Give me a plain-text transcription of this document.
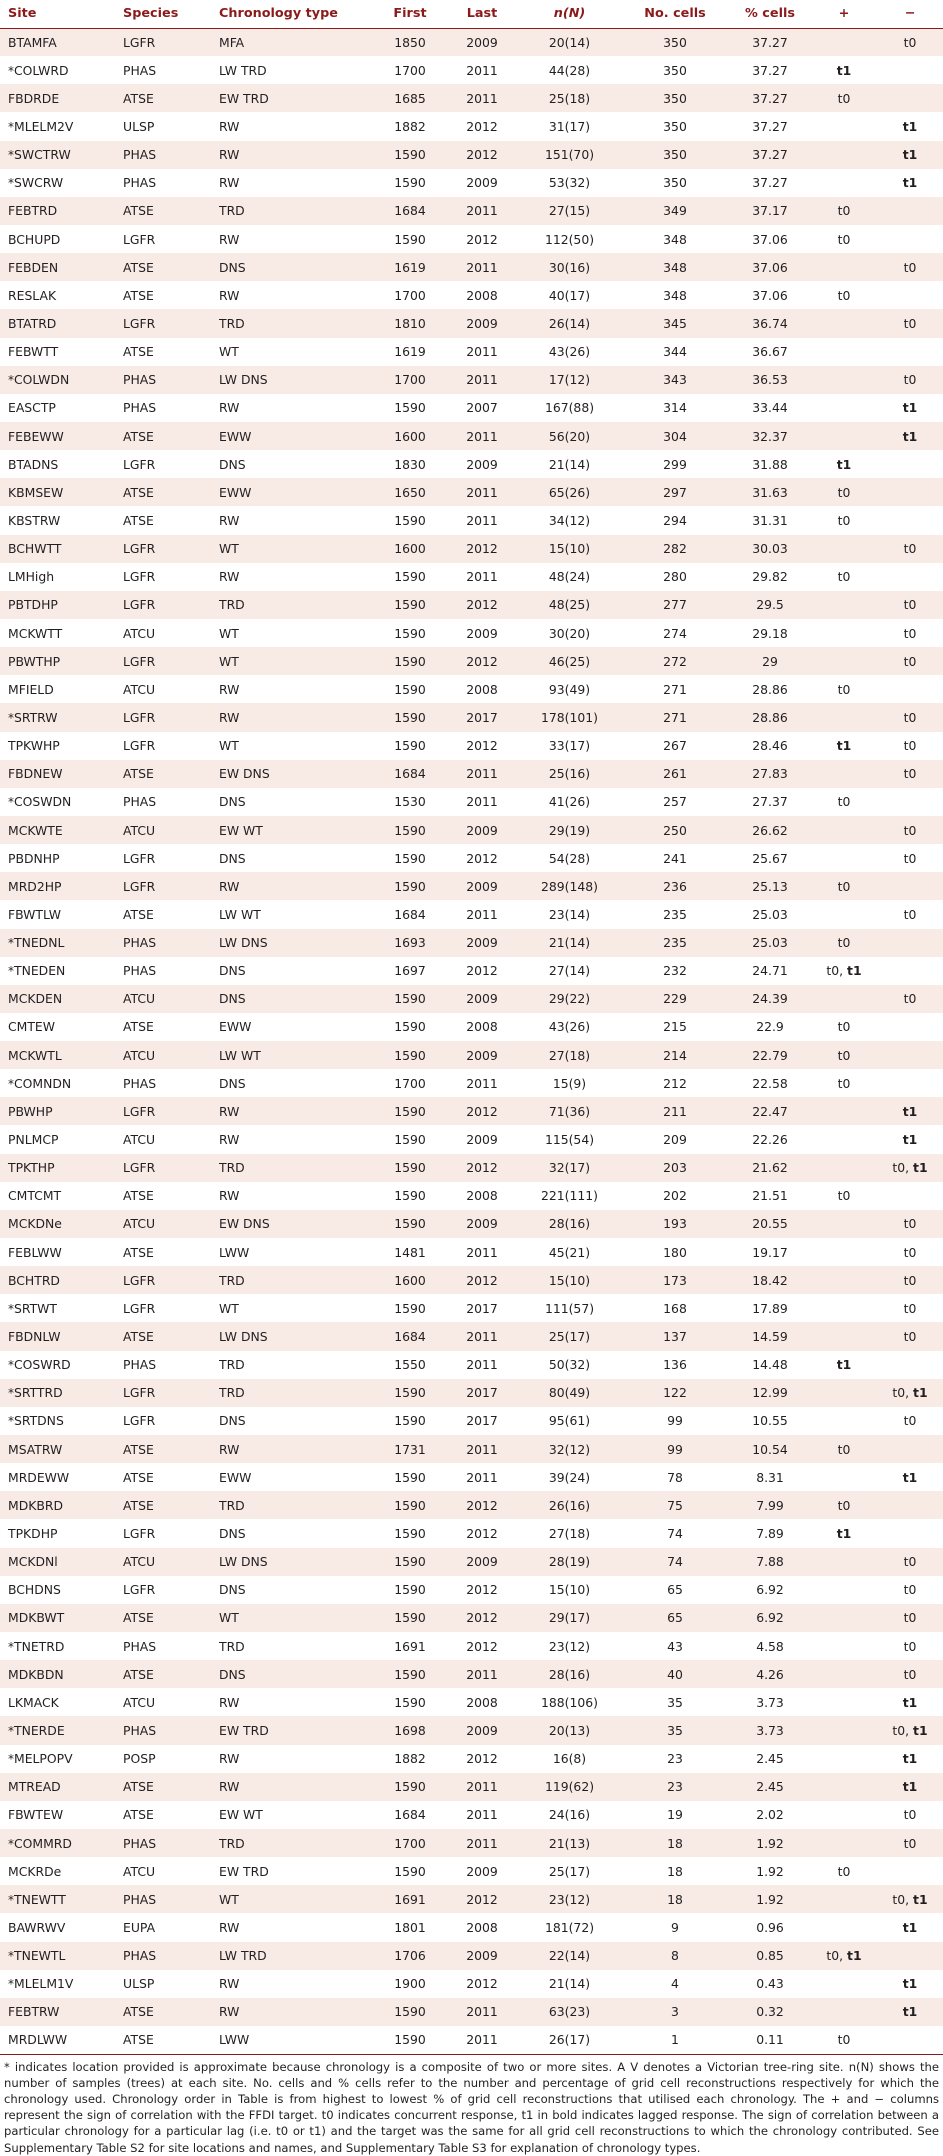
Site	Species	Chronology type	First	Last	n(N)	No. cells	% cells	+	−
BTAMFA	LGFR	MFA	1850	2009	20(14)	350	37.27		t0
*COLWRD	PHAS	LW TRD	1700	2011	44(28)	350	37.27	t1	
FBDRDE	ATSE	EW TRD	1685	2011	25(18)	350	37.27	t0	
*MLELM2V	ULSP	RW	1882	2012	31(17)	350	37.27		t1
*SWCTRW	PHAS	RW	1590	2012	151(70)	350	37.27		t1
*SWCRW	PHAS	RW	1590	2009	53(32)	350	37.27		t1
FEBTRD	ATSE	TRD	1684	2011	27(15)	349	37.17	t0	
BCHUPD	LGFR	RW	1590	2012	112(50)	348	37.06	t0	
FEBDEN	ATSE	DNS	1619	2011	30(16)	348	37.06		t0
RESLAK	ATSE	RW	1700	2008	40(17)	348	37.06	t0	
BTATRD	LGFR	TRD	1810	2009	26(14)	345	36.74		t0
FEBWTT	ATSE	WT	1619	2011	43(26)	344	36.67		
*COLWDN	PHAS	LW DNS	1700	2011	17(12)	343	36.53		t0
EASCTP	PHAS	RW	1590	2007	167(88)	314	33.44		t1
FEBEWW	ATSE	EWW	1600	2011	56(20)	304	32.37		t1
BTADNS	LGFR	DNS	1830	2009	21(14)	299	31.88	t1	
KBMSEW	ATSE	EWW	1650	2011	65(26)	297	31.63	t0	
KBSTRW	ATSE	RW	1590	2011	34(12)	294	31.31	t0	
BCHWTT	LGFR	WT	1600	2012	15(10)	282	30.03		t0
LMHigh	LGFR	RW	1590	2011	48(24)	280	29.82	t0	
PBTDHP	LGFR	TRD	1590	2012	48(25)	277	29.5		t0
MCKWTT	ATCU	WT	1590	2009	30(20)	274	29.18		t0
PBWTHP	LGFR	WT	1590	2012	46(25)	272	29		t0
MFIELD	ATCU	RW	1590	2008	93(49)	271	28.86	t0	
*SRTRW	LGFR	RW	1590	2017	178(101)	271	28.86		t0
TPKWHP	LGFR	WT	1590	2012	33(17)	267	28.46	t1	t0
FBDNEW	ATSE	EW DNS	1684	2011	25(16)	261	27.83		t0
*COSWDN	PHAS	DNS	1530	2011	41(26)	257	27.37	t0	
MCKWTE	ATCU	EW WT	1590	2009	29(19)	250	26.62		t0
PBDNHP	LGFR	DNS	1590	2012	54(28)	241	25.67		t0
MRD2HP	LGFR	RW	1590	2009	289(148)	236	25.13	t0	
FBWTLW	ATSE	LW WT	1684	2011	23(14)	235	25.03		t0
*TNEDNL	PHAS	LW DNS	1693	2009	21(14)	235	25.03	t0	
*TNEDEN	PHAS	DNS	1697	2012	27(14)	232	24.71	t0, t1	
MCKDEN	ATCU	DNS	1590	2009	29(22)	229	24.39		t0
CMTEW	ATSE	EWW	1590	2008	43(26)	215	22.9	t0	
MCKWTL	ATCU	LW WT	1590	2009	27(18)	214	22.79	t0	
*COMNDN	PHAS	DNS	1700	2011	15(9)	212	22.58	t0	
PBWHP	LGFR	RW	1590	2012	71(36)	211	22.47		t1
PNLMCP	ATCU	RW	1590	2009	115(54)	209	22.26		t1
TPKTHP	LGFR	TRD	1590	2012	32(17)	203	21.62		t0, t1
CMTCMT	ATSE	RW	1590	2008	221(111)	202	21.51	t0	
MCKDNe	ATCU	EW DNS	1590	2009	28(16)	193	20.55		t0
FEBLWW	ATSE	LWW	1481	2011	45(21)	180	19.17		t0
BCHTRD	LGFR	TRD	1600	2012	15(10)	173	18.42		t0
*SRTWT	LGFR	WT	1590	2017	111(57)	168	17.89		t0
FBDNLW	ATSE	LW DNS	1684	2011	25(17)	137	14.59		t0
*COSWRD	PHAS	TRD	1550	2011	50(32)	136	14.48	t1	
*SRTTRD	LGFR	TRD	1590	2017	80(49)	122	12.99		t0, t1
*SRTDNS	LGFR	DNS	1590	2017	95(61)	99	10.55		t0
MSATRW	ATSE	RW	1731	2011	32(12)	99	10.54	t0	
MRDEWW	ATSE	EWW	1590	2011	39(24)	78	8.31		t1
MDKBRD	ATSE	TRD	1590	2012	26(16)	75	7.99	t0	
TPKDHP	LGFR	DNS	1590	2012	27(18)	74	7.89	t1	
MCKDNl	ATCU	LW DNS	1590	2009	28(19)	74	7.88		t0
BCHDNS	LGFR	DNS	1590	2012	15(10)	65	6.92		t0
MDKBWT	ATSE	WT	1590	2012	29(17)	65	6.92		t0
*TNETRD	PHAS	TRD	1691	2012	23(12)	43	4.58		t0
MDKBDN	ATSE	DNS	1590	2011	28(16)	40	4.26		t0
LKMACK	ATCU	RW	1590	2008	188(106)	35	3.73		t1
*TNERDE	PHAS	EW TRD	1698	2009	20(13)	35	3.73		t0, t1
*MELPOPV	POSP	RW	1882	2012	16(8)	23	2.45		t1
MTREAD	ATSE	RW	1590	2011	119(62)	23	2.45		t1
FBWTEW	ATSE	EW WT	1684	2011	24(16)	19	2.02		t0
*COMMRD	PHAS	TRD	1700	2011	21(13)	18	1.92		t0
MCKRDe	ATCU	EW TRD	1590	2009	25(17)	18	1.92	t0	
*TNEWTT	PHAS	WT	1691	2012	23(12)	18	1.92		t0, t1
BAWRWV	EUPA	RW	1801	2008	181(72)	9	0.96		t1
*TNEWTL	PHAS	LW TRD	1706	2009	22(14)	8	0.85	t0, t1	
*MLELM1V	ULSP	RW	1900	2012	21(14)	4	0.43		t1
FEBTRW	ATSE	RW	1590	2011	63(23)	3	0.32		t1
MRDLWW	ATSE	LWW	1590	2011	26(17)	1	0.11	t0	
* indicates location provided is approximate because chronology is a composite of two or more sites. A V denotes a Victorian tree-ring site. n(N) shows the number of samples (trees) at each site. No. cells and % cells refer to the number and percentage of grid cell reconstructions respectively for which the chronology used. Chronology order in Table is from highest to lowest % of grid cell reconstructions that utilised each chronology. The + and − columns represent the sign of correlation with the FFDI target. t0 indicates concurrent response, t1 in bold indicates lagged response. The sign of correlation between a particular chronology for a particular lag (i.e. t0 or t1) and the target was the same for all grid cell reconstructions to which the chronology contributed. See Supplementary Table S2 for site locations and names, and Supplementary Table S3 for explanation of chronology types.
